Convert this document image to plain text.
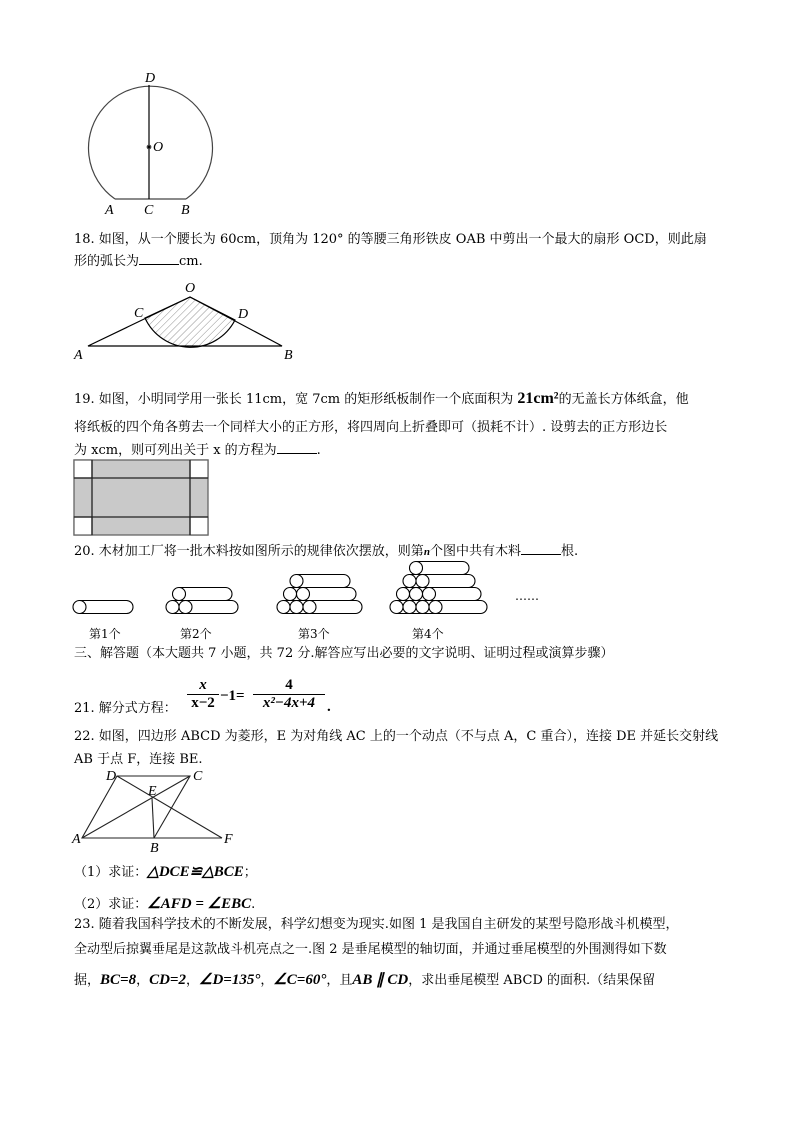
D
O
A C B
O
C	D
A	B
……
D	C
E
A
B
F
18. 如图，从一个腰长为 60cm，顶角为 120° 的等腰三角形铁皮 OAB 中剪出一个最大的扇形 OCD，则此扇
形的弧长为	cm.
19. 如图，小明同学用一张长 11cm，宽 7cm 的矩形纸板制作一个底面积为 21cm²的无盖长方体纸盒，他
将纸板的四个角各剪去一个同样大小的正方形，将四周向上折叠即可（损耗不计）. 设剪去的正方形边长
为 xcm，则可列出关于 x 的方程为	.
20. 木材加工厂将一批木料按如图所示的规律依次摆放，则第n个图中共有木料	根.
第1个	第2个	第3个	第4个
三、解答题（本大题共 7 小题，共 72 分.解答应写出必要的文字说明、证明过程或演算步骤）
21. 解分式方程： $\frac{x}{x-2} -1= \frac{4}{\text{x²−4x+4}}$ .
22. 如图，四边形 ABCD 为菱形，E 为对角线 AC 上的一个动点（不与点 A，C 重合），连接 DE 并延长交射线
AB 于点 F，连接 BE.
（1）求证：△DCE≌△BCE；
（2）求证：∠AFD = ∠EBC.
23. 随着我国科学技术的不断发展，科学幻想变为现实.如图 1 是我国自主研发的某型号隐形战斗机模型，
全动型后掠翼垂尾是这款战斗机亮点之一.图 2 是垂尾模型的轴切面，并通过垂尾模型的外围测得如下数
据，BC=8，CD=2，∠D=135°，∠C=60°，且AB ∥ CD，求出垂尾模型 ABCD 的面积.（结果保留
